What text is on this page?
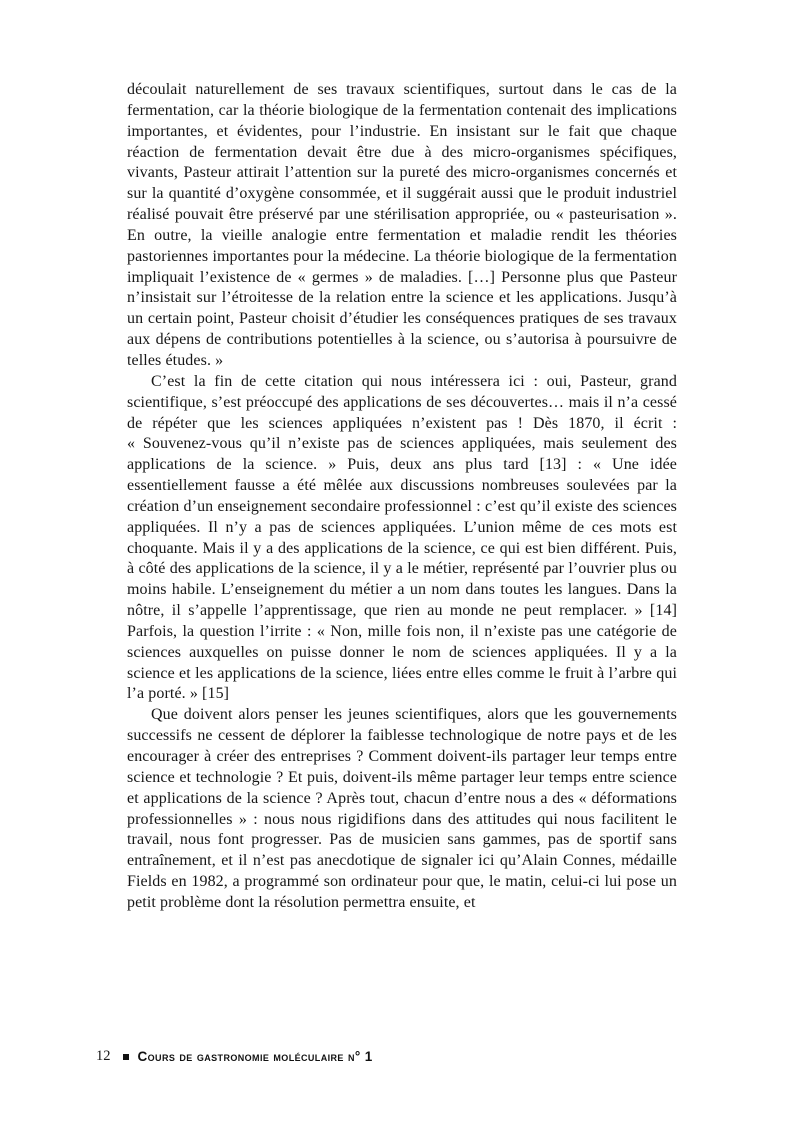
découlait naturellement de ses travaux scientifiques, surtout dans le cas de la fermentation, car la théorie biologique de la fermentation contenait des implications importantes, et évidentes, pour l’industrie. En insistant sur le fait que chaque réaction de fermentation devait être due à des micro-organismes spécifiques, vivants, Pasteur attirait l’attention sur la pureté des micro-organismes concernés et sur la quantité d’oxygène consommée, et il suggérait aussi que le produit industriel réalisé pouvait être préservé par une stérilisation appropriée, ou « pasteurisation ». En outre, la vieille analogie entre fermentation et maladie rendit les théories pastoriennes importantes pour la médecine. La théorie biologique de la fermentation impliquait l’existence de « germes » de maladies. […] Personne plus que Pasteur n’insistait sur l’étroitesse de la relation entre la science et les applications. Jusqu’à un certain point, Pasteur choisit d’étudier les conséquences pratiques de ses travaux aux dépens de contributions potentielles à la science, ou s’autorisa à poursuivre de telles études. »

C’est la fin de cette citation qui nous intéressera ici : oui, Pasteur, grand scientifique, s’est préoccupé des applications de ses découvertes… mais il n’a cessé de répéter que les sciences appliquées n’existent pas ! Dès 1870, il écrit : « Souvenez-vous qu’il n’existe pas de sciences appliquées, mais seulement des applications de la science. » Puis, deux ans plus tard [13] : « Une idée essentiellement fausse a été mêlée aux discussions nombreuses soulevées par la création d’un enseignement secondaire professionnel : c’est qu’il existe des sciences appliquées. Il n’y a pas de sciences appliquées. L’union même de ces mots est choquante. Mais il y a des applications de la science, ce qui est bien différent. Puis, à côté des applications de la science, il y a le métier, représenté par l’ouvrier plus ou moins habile. L’enseignement du métier a un nom dans toutes les langues. Dans la nôtre, il s’appelle l’apprentissage, que rien au monde ne peut remplacer. » [14] Parfois, la question l’irrite : « Non, mille fois non, il n’existe pas une catégorie de sciences auxquelles on puisse donner le nom de sciences appliquées. Il y a la science et les applications de la science, liées entre elles comme le fruit à l’arbre qui l’a porté. » [15]

Que doivent alors penser les jeunes scientifiques, alors que les gouvernements successifs ne cessent de déplorer la faiblesse technologique de notre pays et de les encourager à créer des entreprises ? Comment doivent-ils partager leur temps entre science et technologie ? Et puis, doivent-ils même partager leur temps entre science et applications de la science ? Après tout, chacun d’entre nous a des « déformations professionnelles » : nous nous rigidifions dans des attitudes qui nous facilitent le travail, nous font progresser. Pas de musicien sans gammes, pas de sportif sans entraînement, et il n’est pas anecdotique de signaler ici qu’Alain Connes, médaille Fields en 1982, a programmé son ordinateur pour que, le matin, celui-ci lui pose un petit problème dont la résolution permettra ensuite, et

12 Cours de gastronomie moléculaire n° 1
